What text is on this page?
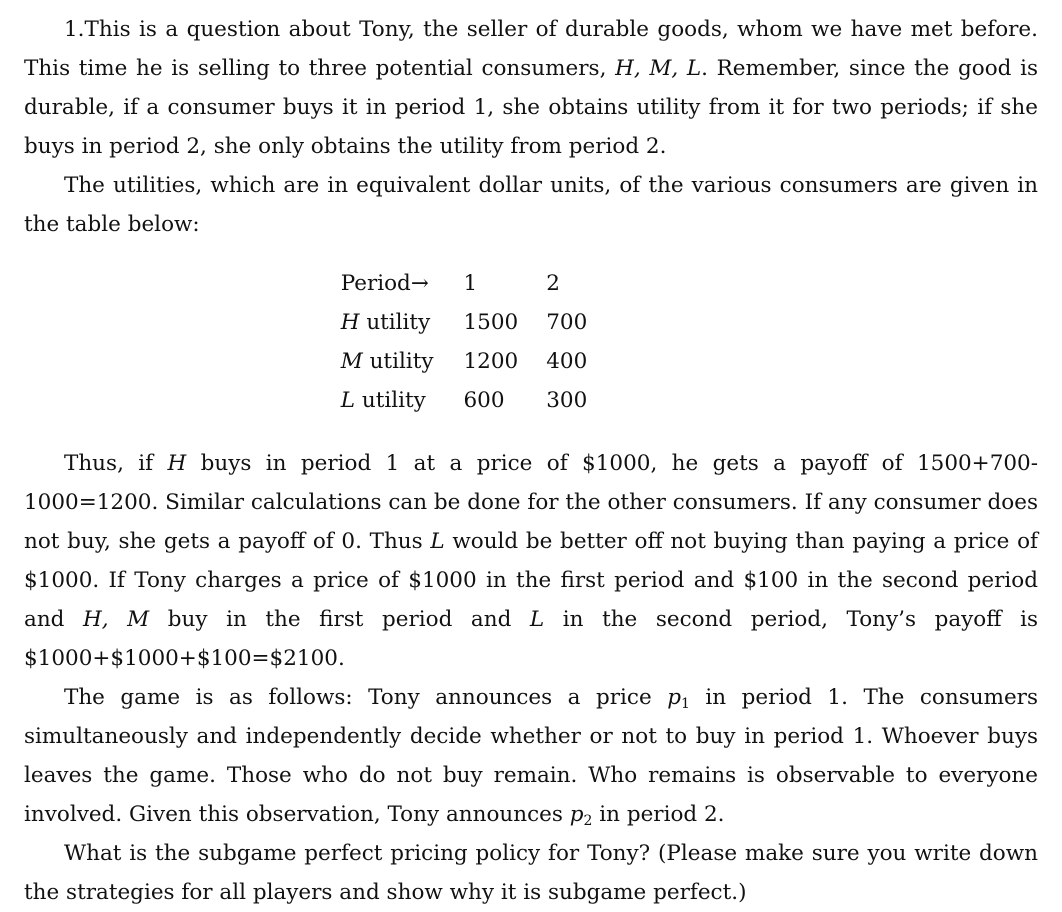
1.This is a question about Tony, the seller of durable goods, whom we have met before. This time he is selling to three potential consumers, H, M, L. Remember, since the good is durable, if a consumer buys it in period 1, she obtains utility from it for two periods; if she buys in period 2, she only obtains the utility from period 2.

The utilities, which are in equivalent dollar units, of the various consumers are given in the table below:

Period→	1	2
H utility	1500	700
M utility	1200	400
L utility	600	300

Thus, if H buys in period 1 at a price of $1000, he gets a payoff of 1500+700-1000=1200. Similar calculations can be done for the other consumers. If any consumer does not buy, she gets a payoff of 0. Thus L would be better off not buying than paying a price of $1000. If Tony charges a price of $1000 in the first period and $100 in the second period and H, M buy in the first period and L in the second period, Tony’s payoff is $1000+$1000+$100=$2100.

The game is as follows: Tony announces a price $p_1$ in period 1. The consumers simultaneously and independently decide whether or not to buy in period 1. Whoever buys leaves the game. Those who do not buy remain. Who remains is observable to everyone involved. Given this observation, Tony announces $p_2$ in period 2.

What is the subgame perfect pricing policy for Tony? (Please make sure you write down the strategies for all players and show why it is subgame perfect.)
